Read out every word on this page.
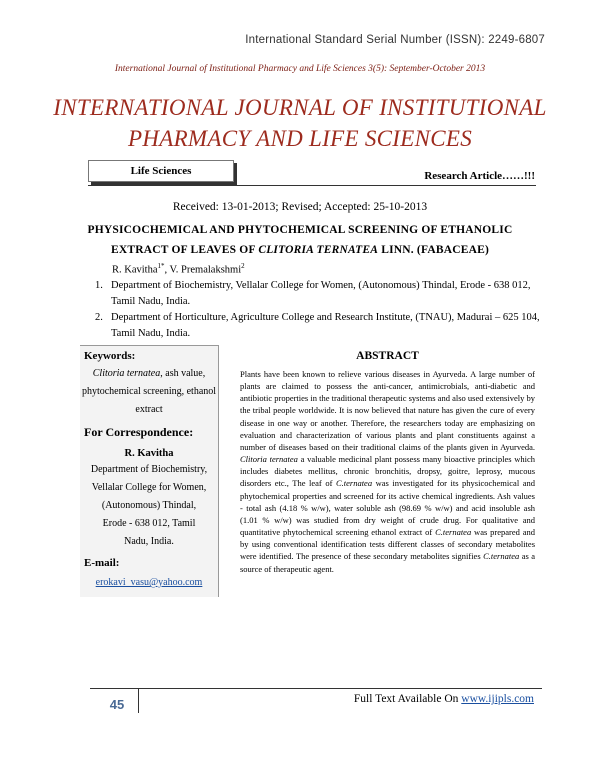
International Standard Serial Number (ISSN): 2249-6807
International Journal of Institutional Pharmacy and Life Sciences 3(5): September-October 2013
INTERNATIONAL JOURNAL OF INSTITUTIONAL
PHARMACY AND LIFE SCIENCES
Life Sciences	Research Article……!!!
Received: 13-01-2013; Revised; Accepted: 25-10-2013
PHYSICOCHEMICAL AND PHYTOCHEMICAL SCREENING OF ETHANOLIC
EXTRACT OF LEAVES OF CLITORIA TERNATEA LINN. (FABACEAE)
R. Kavitha$^{1*}$, V. Premalakshmi$^2$
1. Department of Biochemistry, Vellalar College for Women, (Autonomous) Thindal, Erode - 638 012, Tamil Nadu, India.
2. Department of Horticulture, Agriculture College and Research Institute, (TNAU), Madurai – 625 104, Tamil Nadu, India.
Keywords:
Clitoria ternatea, ash value, phytochemical screening, ethanol extract
For Correspondence:
R. Kavitha
Department of Biochemistry,
Vellalar College for Women,
(Autonomous) Thindal,
Erode - 638 012, Tamil
Nadu, India.
E-mail:
erokavi_vasu@yahoo.com
ABSTRACT
Plants have been known to relieve various diseases in Ayurveda. A large number of plants are claimed to possess the anti-cancer, antimicrobials, anti-diabetic and antibiotic properties in the traditional therapeutic systems and also used extensively by the tribal people worldwide. It is now believed that nature has given the cure of every disease in one way or another. Therefore, the researchers today are emphasizing on evaluation and characterization of various plants and plant constituents against a number of diseases based on their traditional claims of the plants given in Ayurveda. Clitoria ternatea a valuable medicinal plant possess many bioactive principles which includes diabetes mellitus, chronic bronchitis, dropsy, goitre, leprosy, mucous disorders etc., The leaf of C.ternatea was investigated for its physicochemical and phytochemical properties and screened for its active chemical ingredients. Ash values - total ash (4.18 % w/w), water soluble ash (98.69 % w/w) and acid insoluble ash (1.01 % w/w) was studied from dry weight of crude drug. For qualitative and quantitative phytochemical screening ethanol extract of C.ternatea was prepared and by using conventional identification tests different classes of secondary metabolites were identified. The presence of these secondary metabolites signifies C.ternatea as a source of therapeutic agent.
45	Full Text Available On www.ijipls.com
